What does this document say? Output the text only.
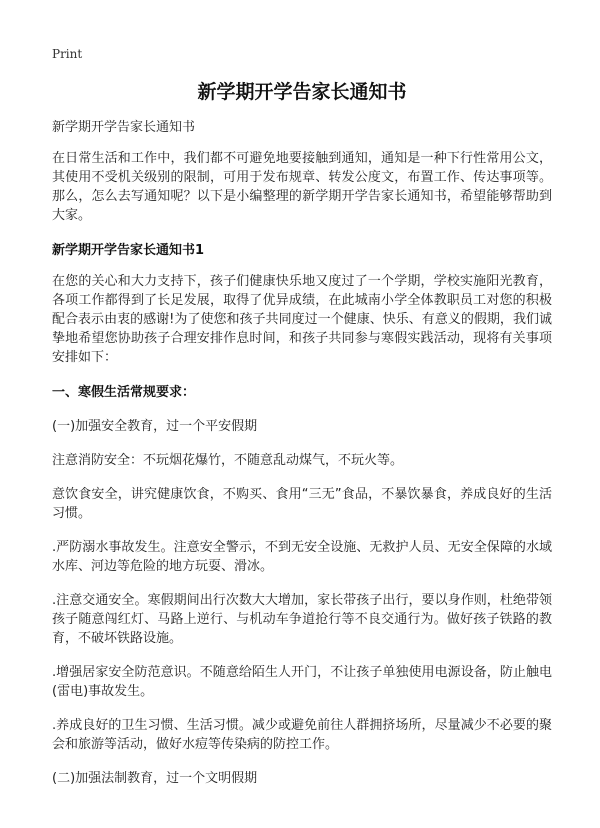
Print
新学期开学告家长通知书

新学期开学告家长通知书

在日常生活和工作中，我们都不可避免地要接触到通知，通知是一种下行性常用公文，其使用不受机关级别的限制，可用于发布规章、转发公度文，布置工作、传达事项等。那么，怎么去写通知呢？以下是小编整理的新学期开学告家长通知书，希望能够帮助到大家。

新学期开学告家长通知书1

在您的关心和大力支持下，孩子们健康快乐地又度过了一个学期，学校实施阳光教育，各项工作都得到了长足发展，取得了优异成绩，在此城南小学全体教职员工对您的积极配合表示由衷的感谢!为了使您和孩子共同度过一个健康、快乐、有意义的假期，我们诚挚地希望您协助孩子合理安排作息时间，和孩子共同参与寒假实践活动，现将有关事项安排如下：

一、寒假生活常规要求：

(一)加强安全教育，过一个平安假期

注意消防安全：不玩烟花爆竹，不随意乱动煤气，不玩火等。

意饮食安全，讲究健康饮食，不购买、食用“三无”食品，不暴饮暴食，养成良好的生活习惯。

.严防溺水事故发生。注意安全警示，不到无安全设施、无救护人员、无安全保障的水域水库、河边等危险的地方玩耍、滑冰。

.注意交通安全。寒假期间出行次数大大增加，家长带孩子出行，要以身作则，杜绝带领孩子随意闯红灯、马路上逆行、与机动车争道抢行等不良交通行为。做好孩子铁路的教育，不破坏铁路设施。

.增强居家安全防范意识。不随意给陌生人开门，不让孩子单独使用电源设备，防止触电(雷电)事故发生。

.养成良好的卫生习惯、生活习惯。减少或避免前往人群拥挤场所，尽量减少不必要的聚会和旅游等活动，做好水痘等传染病的防控工作。

(二)加强法制教育，过一个文明假期
